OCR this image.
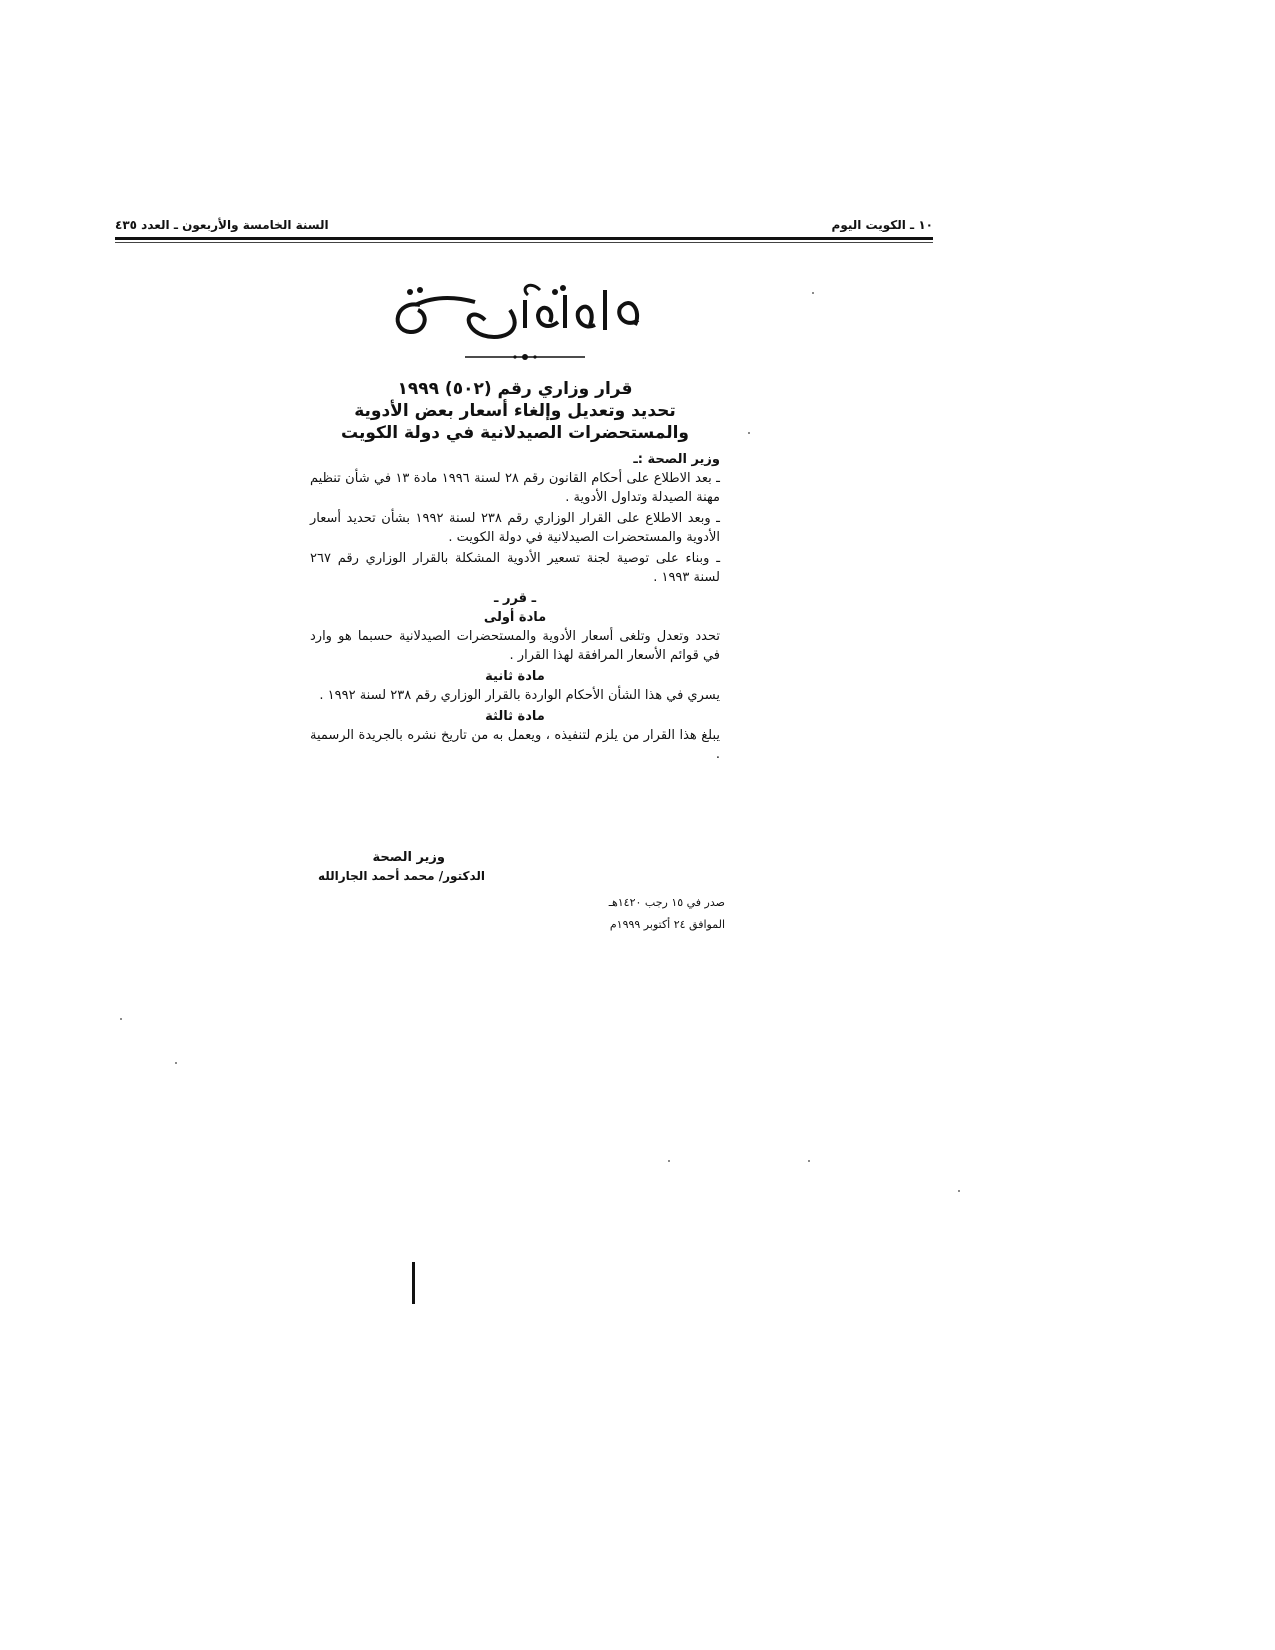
١٠ ـ الكويت اليوم
السنة الخامسة والأربعون ـ العدد ٤٣٥
قرار وزاري رقم (٥٠٢) ١٩٩٩
تحديد وتعديل وإلغاء أسعار بعض الأدوية
والمستحضرات الصيدلانية في دولة الكويت
وزير الصحة :ـ

ـ بعد الاطلاع على أحكام القانون رقم ٢٨ لسنة ١٩٩٦ مادة ١٣ في شأن تنظيم مهنة الصيدلة وتداول الأدوية .

ـ وبعد الاطلاع على القرار الوزاري رقم ٢٣٨ لسنة ١٩٩٢ بشأن تحديد أسعار الأدوية والمستحضرات الصيدلانية في دولة الكويت .

ـ وبناء على توصية لجنة تسعير الأدوية المشكلة بالقرار الوزاري رقم ٢٦٧ لسنة ١٩٩٣ .

ـ قرر ـ
مادة أولى

تحدد وتعدل وتلغى أسعار الأدوية والمستحضرات الصيدلانية حسبما هو وارد في قوائم الأسعار المرافقة لهذا القرار .

مادة ثانية

يسري في هذا الشأن الأحكام الواردة بالقرار الوزاري رقم ٢٣٨ لسنة ١٩٩٢ .

مادة ثالثة

يبلغ هذا القرار من يلزم لتنفيذه ، ويعمل به من تاريخ نشره بالجريدة الرسمية .

وزير الصحة
الدكتور/ محمد أحمد الجارالله
صدر في ١٥ رجب ١٤٢٠هـ
الموافق ٢٤ أكتوبر ١٩٩٩م
